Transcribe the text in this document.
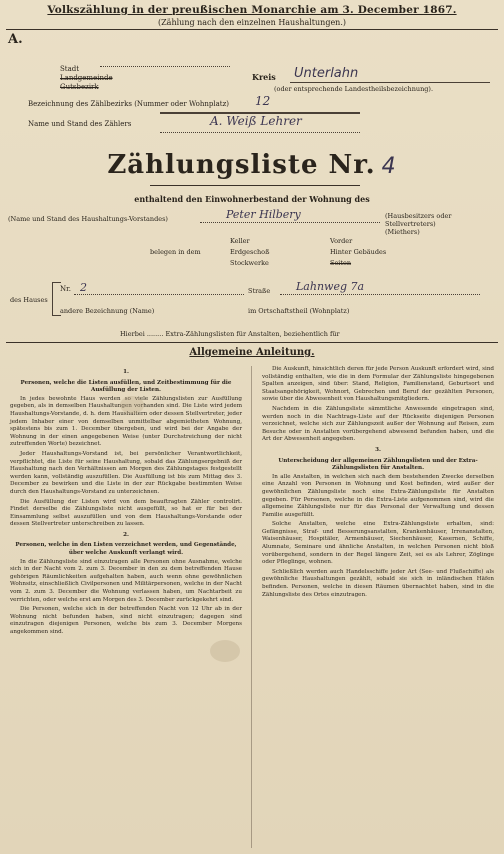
Volkszählung in der preußischen Monarchie am 3. December 1867.
(Zählung nach den einzelnen Haushaltungen.)
A.
Stadt
Landgemeinde
Gutsbezirk
Kreis Unterlahn
(oder entsprechende Landestheilsbezeichnung).
Bezeichnung des Zählbezirks (Nummer oder Wohnplatz) 12
Name und Stand des Zählers	A. Weiß Lehrer
Zählungsliste Nr. 4
enthaltend den Einwohnerbestand der Wohnung des
(Name und Stand des Haushaltungs-Vorstandes)	Peter Hilbery	(Hausbesitzers oder Stellvertreters)
(Miethers)
belegen in dem
Keller
Erdgeschoß
Stockwerke
Vorder
Hinter Gebäudes
Seiten
des Hauses
Nr. 2	Straße Lahnweg 7a
andere Bezeichnung (Name)	im Ortschaftstheil (Wohnplatz)
Hierbei ........ Extra-Zählungslisten für Anstalten, beziehentlich für
Allgemeine Anleitung.

1.

Personen, welche die Listen ausfüllen, und Zeitbestimmung für die Ausfüllung der Listen.

In jedes bewohnte Haus werden so viele Zählungslisten zur Ausfüllung gegeben, als in demselben Haushaltungen vorhanden sind. Die Liste wird jedem Haushaltungs-Vorstande, d. h. dem Haushaltern oder dessen Stellvertreter, jeder jedem Inhaber einer von demselben unmittelbar abgemietheten Wohnung, spätestens bis zum 1. December übergeben, und wird bei der Angabe der Wohnung in der einen angegebenen Weise (unter Durchstreichung der nicht zutreffenden Worte) bezeichnet.

Jeder Haushaltungs-Vorstand ist, bei persönlicher Verantwortlichkeit, verpflichtet, die Liste für seine Haushaltung, sobald das Zählungsergebniß der Haushaltung nach den Verhältnissen am Morgen des Zählungstages festgestellt werden kann, vollständig auszufüllen. Die Ausfüllung ist bis zum Mittag des 3. December zu bewirken und die Liste in der zur Rückgabe bestimmten Weise durch den Haushaltungs-Vorstand zu unterzeichnen.

Die Ausfüllung der Listen wird von dem beauftragten Zähler controlirt. Findet derselbe die Zählungsliste nicht ausgefüllt, so hat er für bei der Einsammlung selbst auszufüllen und von dem Haushaltungs-Vorstande oder dessen Stellvertreter unterschreiben zu lassen.

2.

Personen, welche in den Listen verzeichnet werden, und Gegenstände, über welche Auskunft verlangt wird.

In die Zählungsliste sind einzutragen alle Personen ohne Ausnahme, welche sich in der Nacht vom 2. zum 3. December in den zu dem betreffenden Hause gehörigen Räumlichkeiten aufgehalten haben, auch wenn ohne gewöhnlichen Wohnsitz, einschließlich Civilpersonen und Militärpersonen, welche in der Nacht vom 2. zum 3. December die Wohnung verlassen haben, um Nachtarbeit zu verrichten, oder welche erst am Morgen des 3. December zurückgekehrt sind.

Die Personen, welche sich in der betreffenden Nacht von 12 Uhr ab in der Wohnung nicht befunden haben, sind nicht einzutragen; dagegen sind einzutragen diejenigen Personen, welche bis zum 3. December Morgens angekommen sind.

Die Auskunft, hinsichtlich deren für jede Person Auskunft erfordert wird, sind vollständig enthalten, wie die in dem Formular der Zählungsliste hingegebenen Spalten anzeigen, sind über: Stand, Religion, Familienstand, Geburtsort und Staatsangehörigkeit, Wohnort, Gebrechen und Beruf der gezählten Personen, sowie über die Abwesenheit von Haushaltungsmitgliedern.

Nachdem in die Zählungsliste sämmtliche Anwesende eingetragen sind, werden noch in die Nachtrags-Liste auf der Rückseite diejenigen Personen verzeichnet, welche sich zur Zählungszeit außer der Wohnung auf Reisen, zum Besuche oder in Anstalten vorübergehend abwesend befunden haben, und die Art der Abwesenheit angegeben.

3.

Unterscheidung der allgemeinen Zählungslisten und der Extra-Zählungslisten für Anstalten.

In alle Anstalten, in welchen sich nach dem bestehenden Zwecke derselben eine Anzahl von Personen in Wohnung und Kost befinden, wird außer der gewöhnlichen Zählungsliste noch eine Extra-Zählungsliste für Anstalten gegeben. Für Personen, welche in die Extra-Liste aufgenommen sind, wird die allgemeine Zählungsliste nur für das Personal der Verwaltung und dessen Familie ausgefüllt.

Solche Anstalten, welche eine Extra-Zählungsliste erhalten, sind: Gefängnisse, Straf- und Besserungsanstalten, Krankenhäuser, Irrenanstalten, Waisenhäuser, Hospitäler, Armenhäuser, Siechenhäuser, Kasernen, Schiffe, Alumnate, Seminare und ähnliche Anstalten, in welchen Personen nicht bloß vorübergehend, sondern in der Regel längere Zeit, sei es als Lehrer, Zöglinge oder Pfleglinge, wohnen.

Schließlich werden auch Handelsschiffe jeder Art (See- und Flußschiffe) als gewöhnliche Haushaltungen gezählt, sobald sie sich in inländischen Häfen befinden. Personen, welche in diesen Räumen übernachtet haben, sind in die Zählungsliste des Ortes einzutragen.
